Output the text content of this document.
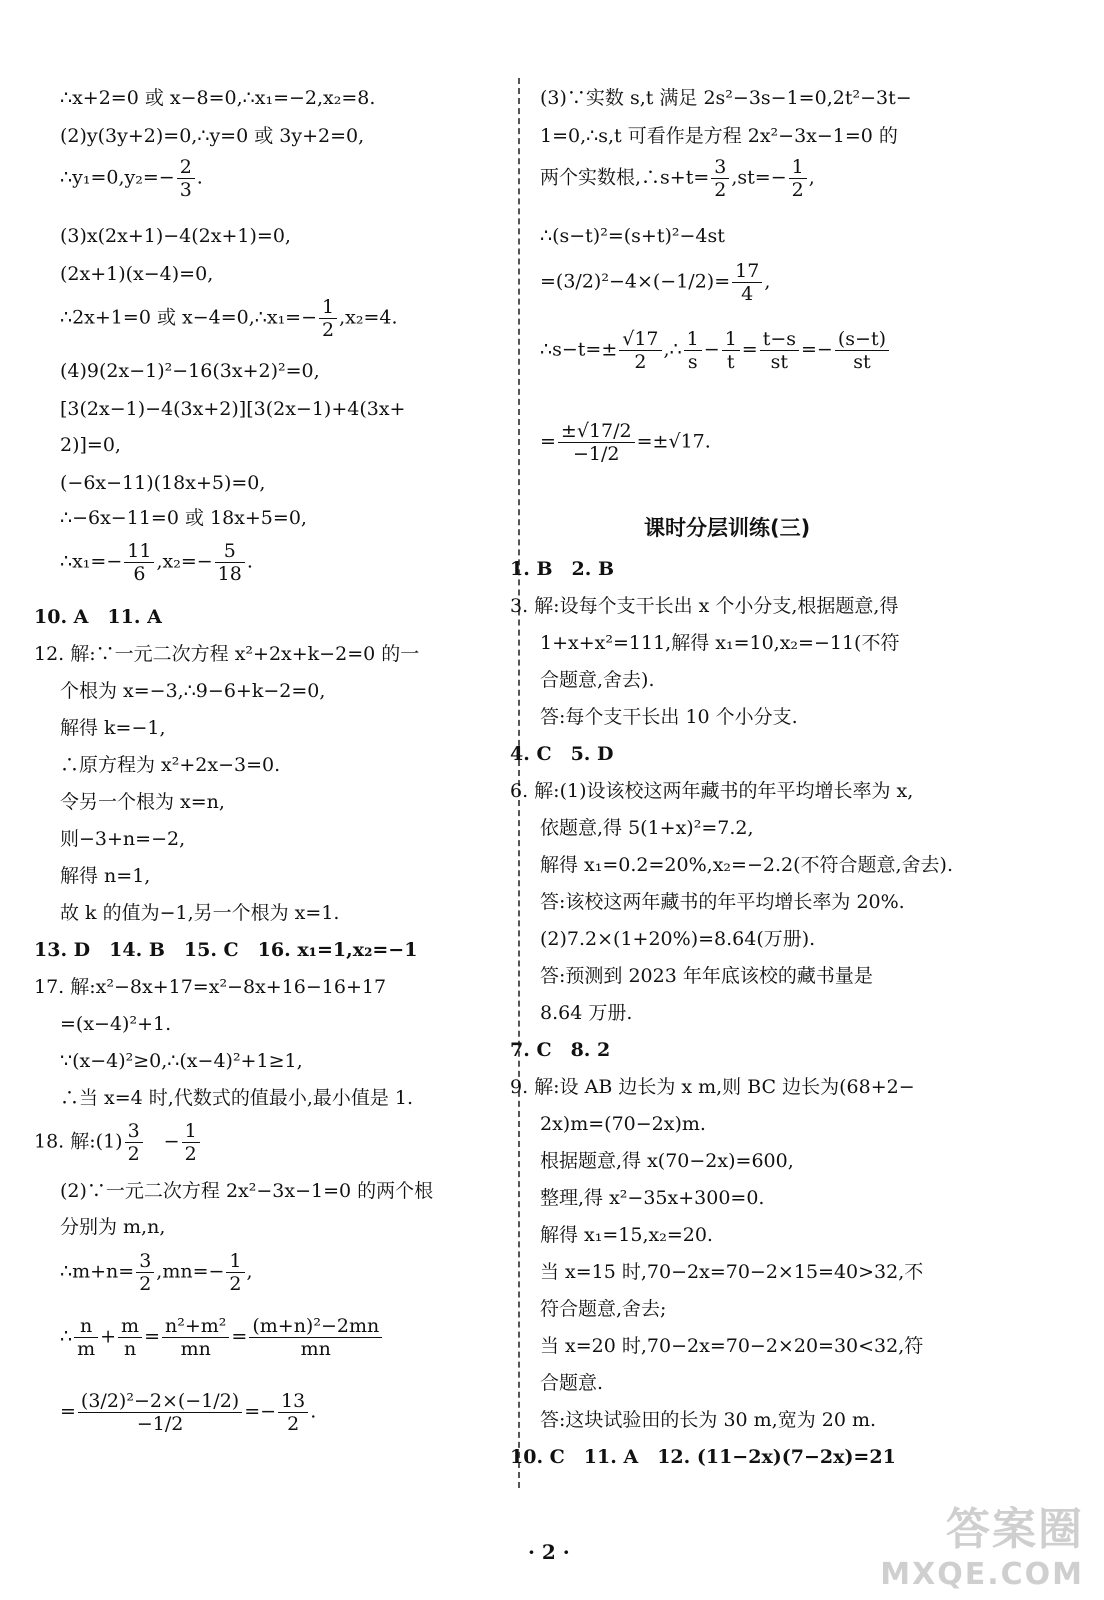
∴x+2=0 或 x−8=0,∴x₁=−2,x₂=8.
(2)y(3y+2)=0,∴y=0 或 3y+2=0,
∴y₁=0,y₂=− $\frac{2}{3}$ .
(3)x(2x+1)−4(2x+1)=0,
(2x+1)(x−4)=0,
∴2x+1=0 或 x−4=0,∴x₁=− $\frac{1}{2} ,x_2=4$.
(4)9(2x−1)²−16(3x+2)²=0,
[3(2x−1)−4(3x+2)][3(2x−1)+4(3x+
2)]=0,
(−6x−11)(18x+5)=0,
∴−6x−11=0 或 18x+5=0,
∴x₁=− $\frac{11}{6} ,x_2=- \frac{5}{18}$ .
10. A　11. A
12. 解:∵一元二次方程 x²+2x+k−2=0 的一
个根为 x=−3,∴9−6+k−2=0,
解得 k=−1,
∴原方程为 x²+2x−3=0.
令另一个根为 x=n,
则−3+n=−2,
解得 n=1,
故 k 的值为−1,另一个根为 x=1.
13. D　14. B　15. C　16. x₁=1,x₂=−1
17. 解:x²−8x+17=x²−8x+16−16+17
=(x−4)²+1.
∵(x−4)²≥0,∴(x−4)²+1≥1,
∴当 x=4 时,代数式的值最小,最小值是 1.
18. 解:(1) $\frac{3}{2}$ 　− $\frac{1}{2}$
(2)∵一元二次方程 2x²−3x−1=0 的两个根
分别为 m,n,
∴m+n= $\frac{3}{2} ,mn=- \frac{1}{2}$ ,
∴ $\frac{n}{m} + \frac{m}{n} = \frac{\text{n²+m²}}{mn} = \frac{\text{(m+n)²−2mn}}{mn}$
= $\frac{\text{(3/2)²−2×(−1/2)}}{-1/2} =- \frac{13}{2}$ .
(3)∵实数 s,t 满足 2s²−3s−1=0,2t²−3t−
1=0,∴s,t 可看作是方程 2x²−3x−1=0 的
两个实数根,∴s+t= $\frac{3}{2} ,st=- \frac{1}{2}$ ,
∴(s−t)²=(s+t)²−4st
$=(3/2)^2-4\times(-1/2)= \frac{17}{4}$ ,
∴s−t=± $\frac{√17}{2}$ ,∴ $\frac{1}{s} - \frac{1}{t} = \frac{t-s}{st} =- \frac{(s-t)}{st}$
= $\frac{\pm√17/2}{-1/2} =\pm√17$.
课时分层训练(三)
1. B　2. B
3. 解:设每个支干长出 x 个小分支,根据题意,得
1+x+x²=111,解得 x₁=10,x₂=−11(不符
合题意,舍去).
答:每个支干长出 10 个小分支.
4. C　5. D
6. 解:(1)设该校这两年藏书的年平均增长率为 x,
依题意,得 5(1+x)²=7.2,
解得 x₁=0.2=20%,x₂=−2.2(不符合题意,舍去).
答:该校这两年藏书的年平均增长率为 20%.
(2)7.2×(1+20%)=8.64(万册).
答:预测到 2023 年年底该校的藏书量是
8.64 万册.
7. C　8. 2
9. 解:设 AB 边长为 x m,则 BC 边长为(68+2−
2x)m=(70−2x)m.
根据题意,得 x(70−2x)=600,
整理,得 x²−35x+300=0.
解得 x₁=15,x₂=20.
当 x=15 时,70−2x=70−2×15=40>32,不
符合题意,舍去;
当 x=20 时,70−2x=70−2×20=30<32,符
合题意.
答:这块试验田的长为 30 m,宽为 20 m.
10. C　11. A　12. (11−2x)(7−2x)=21
· 2 ·	答案圈
MXQE.COM
